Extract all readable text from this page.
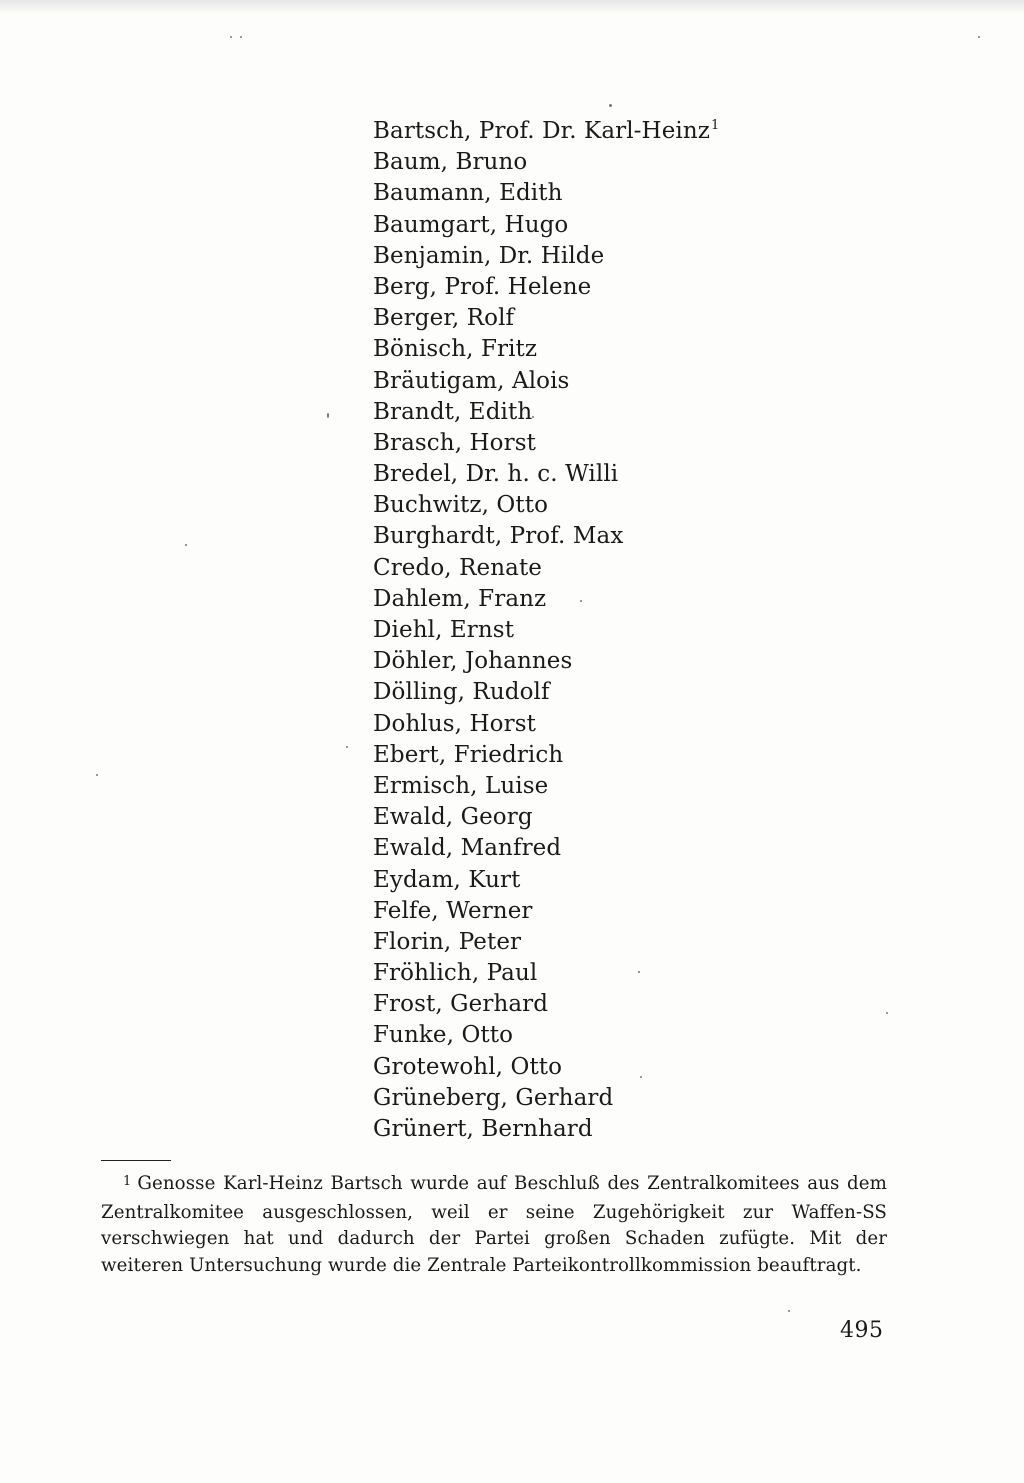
Bartsch, Prof. Dr. Karl-Heinz$^1$
Baum, Bruno
Baumann, Edith
Baumgart, Hugo
Benjamin, Dr. Hilde
Berg, Prof. Helene
Berger, Rolf
Bönisch, Fritz
Bräutigam, Alois
Brandt, Edith
Brasch, Horst
Bredel, Dr. h. c. Willi
Buchwitz, Otto
Burghardt, Prof. Max
Credo, Renate
Dahlem, Franz
Diehl, Ernst
Döhler, Johannes
Dölling, Rudolf
Dohlus, Horst
Ebert, Friedrich
Ermisch, Luise
Ewald, Georg
Ewald, Manfred
Eydam, Kurt
Felfe, Werner
Florin, Peter
Fröhlich, Paul
Frost, Gerhard
Funke, Otto
Grotewohl, Otto
Grüneberg, Gerhard
Grünert, Bernhard

$^1$ Genosse Karl-Heinz Bartsch wurde auf Beschluß des Zentralkomitees aus dem Zentralkomitee ausgeschlossen, weil er seine Zugehörigkeit zur Waffen-SS verschwiegen hat und dadurch der Partei großen Schaden zufügte. Mit der weiteren Untersuchung wurde die Zentrale Parteikontrollkommission beauftragt.

495
